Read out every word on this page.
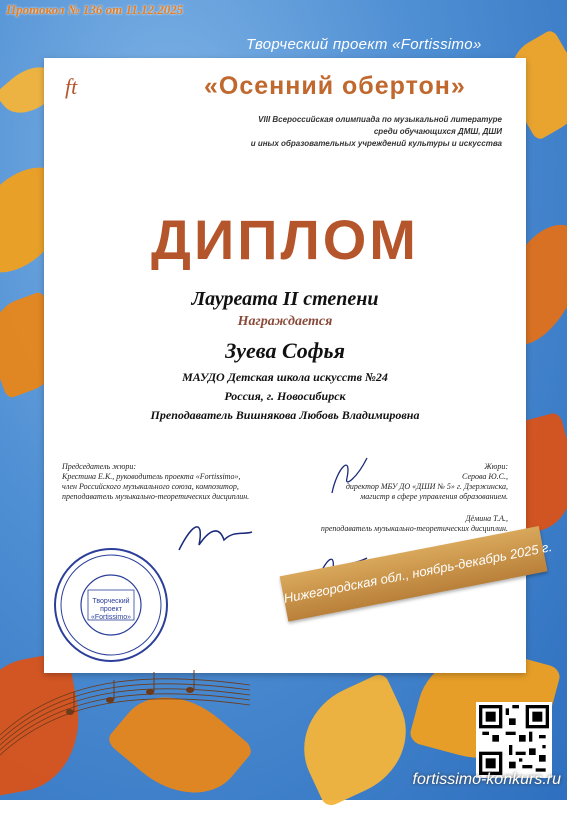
Протокол № 136 от 11.12.2025
Творческий проект «Fortissimo»
ft	«Осенний обертон»
VIII Всероссийская олимпиада по музыкальной литературе
среди обучающихся ДМШ, ДШИ
и иных образовательных учреждений культуры и искусства
ДИПЛОМ
Лауреата II степени
Награждается
Зуева Софья
МАУДО Детская школа искусств №24
Россия, г. Новосибирск
Преподаватель Вишнякова Любовь Владимировна
Председатель жюри:
Крестина Е.К., руководитель проекта «Fortissimo»,
член Российского музыкального союза, композитор,
преподаватель музыкально-теоретических дисциплин.
Жюри:
Серова Ю.С.,
директор МБУ ДО «ДШИ № 5» г. Дзержинска,
магистр в сфере управления образованием.
Дёмина Т.А.,
преподаватель музыкально-теоретических дисциплин.
Творческий
проект
«Fortissimo»
Нижегородская обл., ноябрь-декабрь 2025 г.
fortissimo-konkurs.ru
